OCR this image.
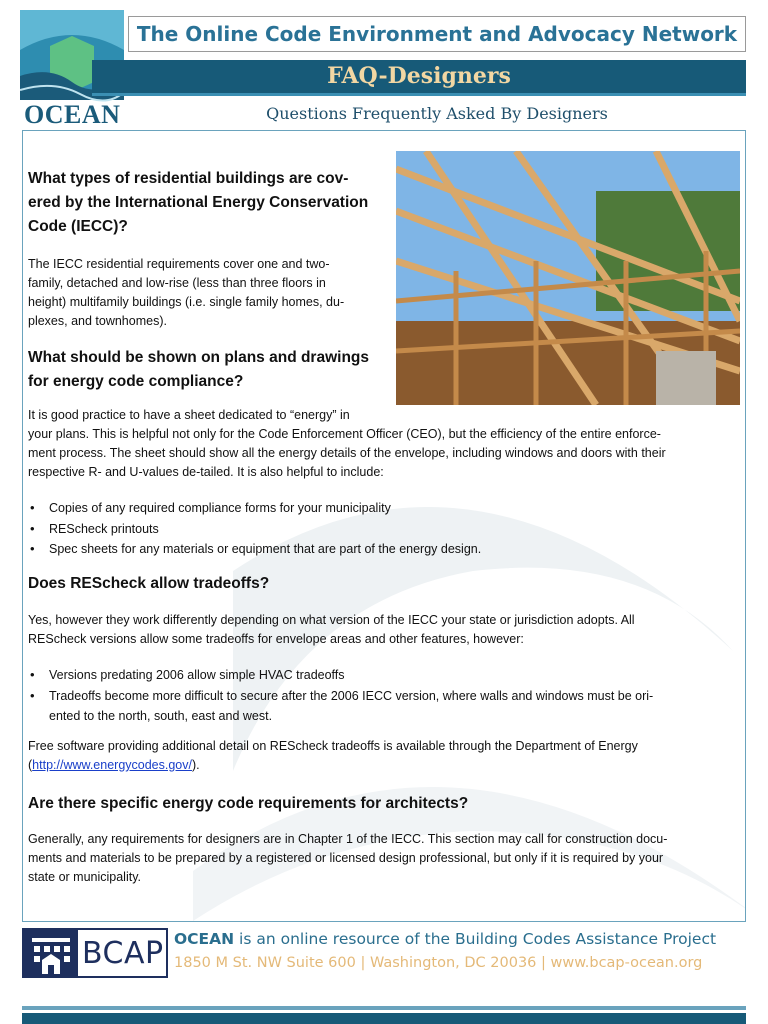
OCEAN
The Online Code Environment and Advocacy Network
FAQ-Designers
Questions Frequently Asked By Designers
What types of residential buildings are cov-
ered by the International Energy Conservation
Code (IECC)?
The IECC residential requirements cover one and two-
family, detached and low-rise (less than three floors in
height) multifamily buildings (i.e. single family homes, du-
plexes, and townhomes).
What should be shown on plans and drawings
for energy code compliance?
It is good practice to have a sheet dedicated to “energy” in
your plans. This is helpful not only for the Code Enforcement Officer (CEO), but the efficiency of the entire enforce-
ment process. The sheet should show all the energy details of the envelope, including windows and doors with their
respective R- and U-values de-tailed. It is also helpful to include:
• Copies of any required compliance forms for your municipality
• REScheck printouts
• Spec sheets for any materials or equipment that are part of the energy design.
Does REScheck allow tradeoffs?
Yes, however they work differently depending on what version of the IECC your state or jurisdiction adopts. All
REScheck versions allow some tradeoffs for envelope areas and other features, however:
• Versions predating 2006 allow simple HVAC tradeoffs
• Tradeoffs become more difficult to secure after the 2006 IECC version, where walls and windows must be ori-
ented to the north, south, east and west.
Free software providing additional detail on REScheck tradeoffs is available through the Department of Energy
(http://www.energycodes.gov/).
Are there specific energy code requirements for architects?
Generally, any requirements for designers are in Chapter 1 of the IECC. This section may call for construction docu-
ments and materials to be prepared by a registered or licensed design professional, but only if it is required by your
state or municipality.
BCAP OCEAN is an online resource of the Building Codes Assistance Project
1850 M St. NW Suite 600 | Washington, DC 20036 | www.bcap-ocean.org
